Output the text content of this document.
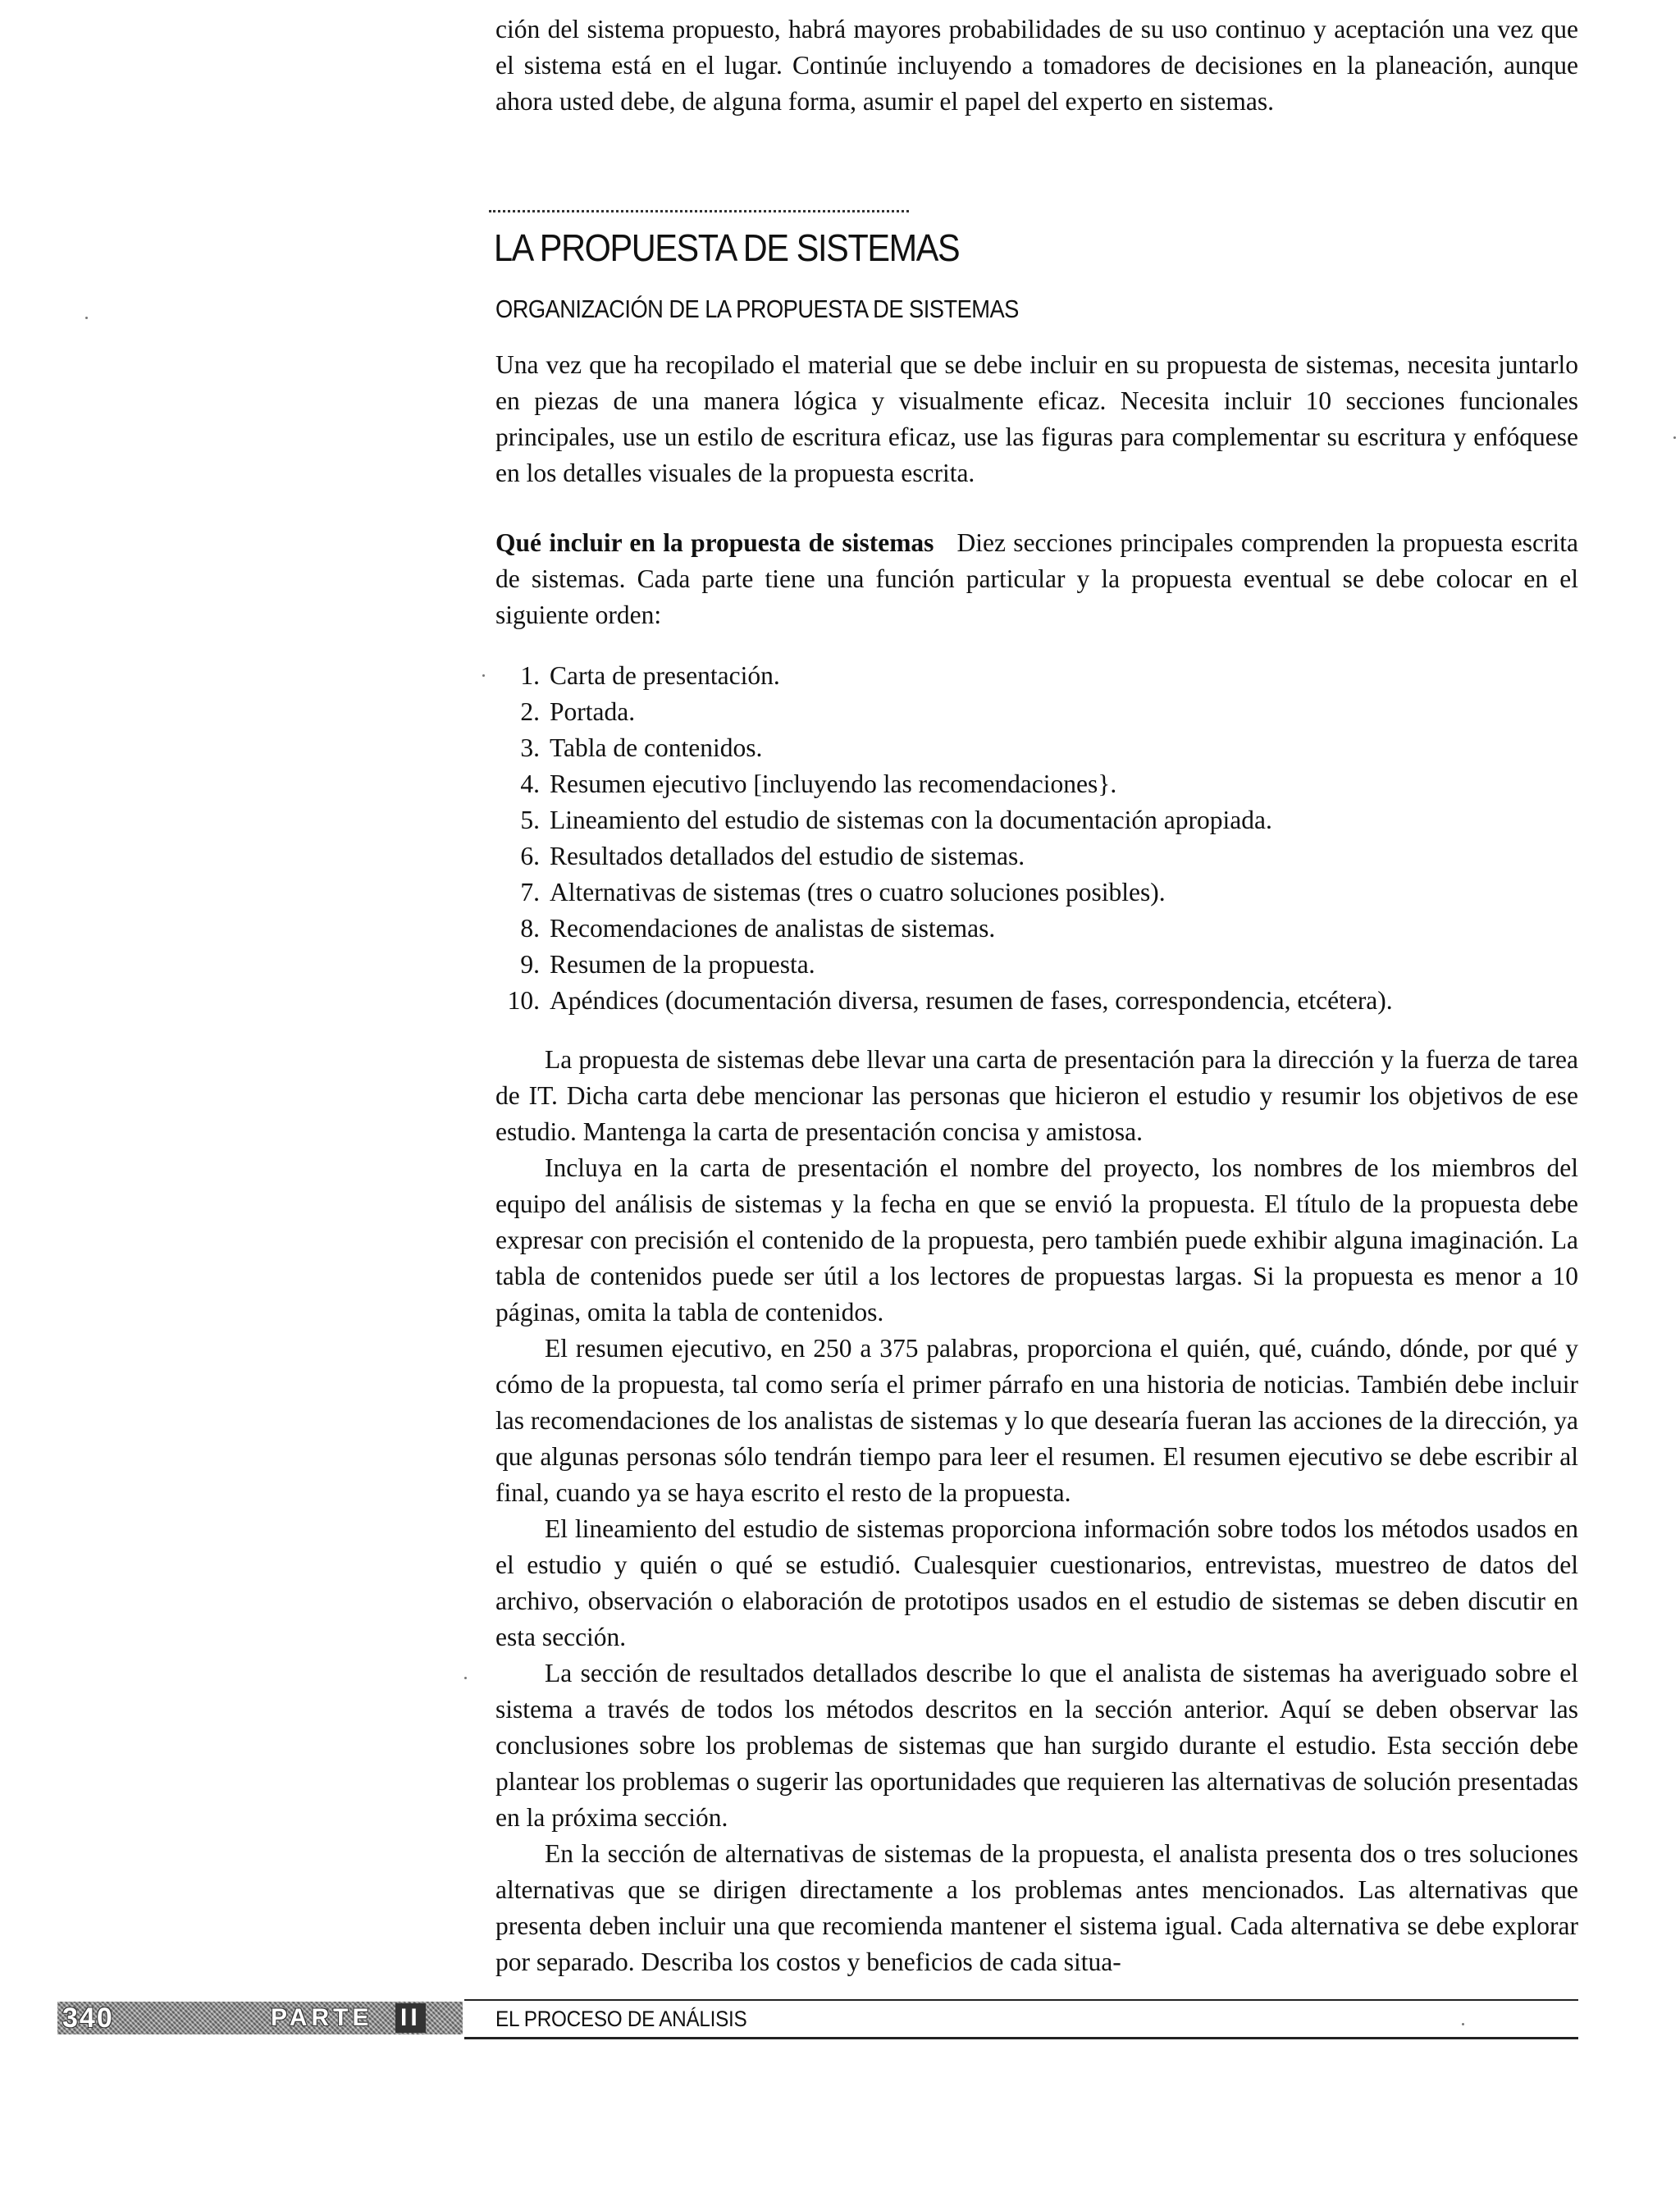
ción del sistema propuesto, habrá mayores probabilidades de su uso continuo y aceptación una vez que el sistema está en el lugar. Continúe incluyendo a tomadores de decisiones en la planeación, aunque ahora usted debe, de alguna forma, asumir el papel del experto en sistemas.

LA PROPUESTA DE SISTEMAS
ORGANIZACIÓN DE LA PROPUESTA DE SISTEMAS

Una vez que ha recopilado el material que se debe incluir en su propuesta de sistemas, necesita juntarlo en piezas de una manera lógica y visualmente eficaz. Necesita incluir 10 secciones funcionales principales, use un estilo de escritura eficaz, use las figuras para complementar su escritura y enfóquese en los detalles visuales de la propuesta escrita.

Qué incluir en la propuesta de sistemas Diez secciones principales comprenden la propuesta escrita de sistemas. Cada parte tiene una función particular y la propuesta eventual se debe colocar en el siguiente orden:

1. Carta de presentación.
2. Portada.
3. Tabla de contenidos.
4. Resumen ejecutivo [incluyendo las recomendaciones}.
5. Lineamiento del estudio de sistemas con la documentación apropiada.
6. Resultados detallados del estudio de sistemas.
7. Alternativas de sistemas (tres o cuatro soluciones posibles).
8. Recomendaciones de analistas de sistemas.
9. Resumen de la propuesta.
10. Apéndices (documentación diversa, resumen de fases, correspondencia, etcétera).

La propuesta de sistemas debe llevar una carta de presentación para la dirección y la fuerza de tarea de IT. Dicha carta debe mencionar las personas que hicieron el estudio y resumir los objetivos de ese estudio. Mantenga la carta de presentación concisa y amistosa.

Incluya en la carta de presentación el nombre del proyecto, los nombres de los miembros del equipo del análisis de sistemas y la fecha en que se envió la propuesta. El título de la propuesta debe expresar con precisión el contenido de la propuesta, pero también puede exhibir alguna imaginación. La tabla de contenidos puede ser útil a los lectores de propuestas largas. Si la propuesta es menor a 10 páginas, omita la tabla de contenidos.

El resumen ejecutivo, en 250 a 375 palabras, proporciona el quién, qué, cuándo, dónde, por qué y cómo de la propuesta, tal como sería el primer párrafo en una historia de noticias. También debe incluir las recomendaciones de los analistas de sistemas y lo que desearía fueran las acciones de la dirección, ya que algunas personas sólo tendrán tiempo para leer el resumen. El resumen ejecutivo se debe escribir al final, cuando ya se haya escrito el resto de la propuesta.

El lineamiento del estudio de sistemas proporciona información sobre todos los métodos usados en el estudio y quién o qué se estudió. Cualesquier cuestionarios, entrevistas, muestreo de datos del archivo, observación o elaboración de prototipos usados en el estudio de sistemas se deben discutir en esta sección.

La sección de resultados detallados describe lo que el analista de sistemas ha averiguado sobre el sistema a través de todos los métodos descritos en la sección anterior. Aquí se deben observar las conclusiones sobre los problemas de sistemas que han surgido durante el estudio. Esta sección debe plantear los problemas o sugerir las oportunidades que requieren las alternativas de solución presentadas en la próxima sección.

En la sección de alternativas de sistemas de la propuesta, el analista presenta dos o tres soluciones alternativas que se dirigen directamente a los problemas antes mencionados. Las alternativas que presenta deben incluir una que recomienda mantener el sistema igual. Cada alternativa se debe explorar por separado. Describa los costos y beneficios de cada situa-

340	PARTE II	EL PROCESO DE ANÁLISIS
